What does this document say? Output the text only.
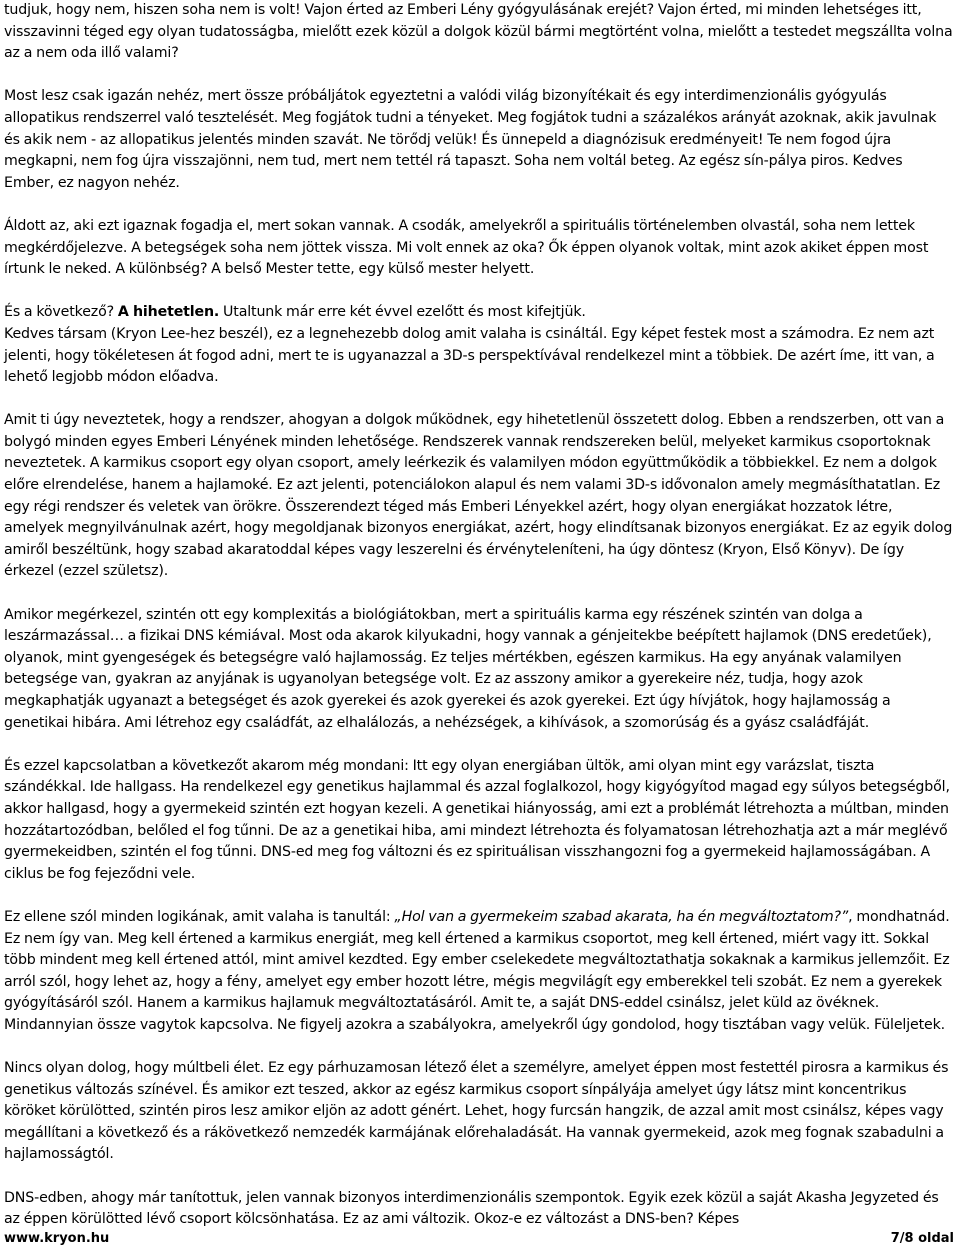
tudjuk, hogy nem, hiszen soha nem is volt! Vajon érted az Emberi Lény gyógyulásának erejét? Vajon érted, mi minden lehetséges itt, visszavinni téged egy olyan tudatosságba, mielőtt ezek közül a dolgok közül bármi megtörtént volna, mielőtt a testedet megszállta volna az a nem oda illő valami?

Most lesz csak igazán nehéz, mert össze próbáljátok egyeztetni a valódi világ bizonyítékait és egy interdimenzionális gyógyulás allopatikus rendszerrel való tesztelését. Meg fogjátok tudni a tényeket. Meg fogjátok tudni a százalékos arányát azoknak, akik javulnak és akik nem - az allopatikus jelentés minden szavát. Ne törődj velük! És ünnepeld a diagnózisuk eredményeit! Te nem fogod újra megkapni, nem fog újra visszajönni, nem tud, mert nem tettél rá tapaszt. Soha nem voltál beteg. Az egész sín-pálya piros. Kedves Ember, ez nagyon nehéz.

Áldott az, aki ezt igaznak fogadja el, mert sokan vannak. A csodák, amelyekről a spirituális történelemben olvastál, soha nem lettek megkérdőjelezve. A betegségek soha nem jöttek vissza. Mi volt ennek az oka? Ők éppen olyanok voltak, mint azok akiket éppen most írtunk le neked. A különbség? A belső Mester tette, egy külső mester helyett.

És a következő? A hihetetlen. Utaltunk már erre két évvel ezelőtt és most kifejtjük.

Kedves társam (Kryon Lee-hez beszél), ez a legnehezebb dolog amit valaha is csináltál. Egy képet festek most a számodra. Ez nem azt jelenti, hogy tökéletesen át fogod adni, mert te is ugyanazzal a 3D-s perspektívával rendelkezel mint a többiek. De azért íme, itt van, a lehető legjobb módon előadva.

Amit ti úgy neveztetek, hogy a rendszer, ahogyan a dolgok működnek, egy hihetetlenül összetett dolog. Ebben a rendszerben, ott van a bolygó minden egyes Emberi Lényének minden lehetősége. Rendszerek vannak rendszereken belül, melyeket karmikus csoportoknak neveztetek. A karmikus csoport egy olyan csoport, amely leérkezik és valamilyen módon együttműködik a többiekkel. Ez nem a dolgok előre elrendelése, hanem a hajlamoké. Ez azt jelenti, potenciálokon alapul és nem valami 3D-s idővonalon amely megmásíthatatlan. Ez egy régi rendszer és veletek van örökre. Összerendezt téged más Emberi Lényekkel azért, hogy olyan energiákat hozzatok létre, amelyek megnyilvánulnak azért, hogy megoldjanak bizonyos energiákat, azért, hogy elindítsanak bizonyos energiákat. Ez az egyik dolog amiről beszéltünk, hogy szabad akaratoddal képes vagy leszerelni és érvényteleníteni, ha úgy döntesz (Kryon, Első Könyv). De így érkezel (ezzel születsz).

Amikor megérkezel, szintén ott egy komplexitás a biológiátokban, mert a spirituális karma egy részének szintén van dolga a leszármazással… a fizikai DNS kémiával. Most oda akarok kilyukadni, hogy vannak a génjeitekbe beépített hajlamok (DNS eredetűek), olyanok, mint gyengeségek és betegségre való hajlamosság. Ez teljes mértékben, egészen karmikus. Ha egy anyának valamilyen betegsége van, gyakran az anyjának is ugyanolyan betegsége volt. Ez az asszony amikor a gyerekeire néz, tudja, hogy azok megkaphatják ugyanazt a betegséget és azok gyerekei és azok gyerekei és azok gyerekei. Ezt úgy hívjátok, hogy hajlamosság a genetikai hibára. Ami létrehoz egy családfát, az elhalálozás, a nehézségek, a kihívások, a szomorúság és a gyász családfáját.

És ezzel kapcsolatban a következőt akarom még mondani: Itt egy olyan energiában ültök, ami olyan mint egy varázslat, tiszta szándékkal. Ide hallgass. Ha rendelkezel egy genetikus hajlammal és azzal foglalkozol, hogy kigyógyítod magad egy súlyos betegségből, akkor hallgasd, hogy a gyermekeid szintén ezt hogyan kezeli. A genetikai hiányosság, ami ezt a problémát létrehozta a múltban, minden hozzátartozódban, belőled el fog tűnni. De az a genetikai hiba, ami mindezt létrehozta és folyamatosan létrehozhatja azt a már meglévő gyermekeidben, szintén el fog tűnni. DNS-ed meg fog változni és ez spirituálisan visszhangozni fog a gyermekeid hajlamosságában. A ciklus be fog fejeződni vele.

Ez ellene szól minden logikának, amit valaha is tanultál: „Hol van a gyermekeim szabad akarata, ha én megváltoztatom?”, mondhatnád. Ez nem így van. Meg kell értened a karmikus energiát, meg kell értened a karmikus csoportot, meg kell értened, miért vagy itt. Sokkal több mindent meg kell értened attól, mint amivel kezdted. Egy ember cselekedete megváltoztathatja sokaknak a karmikus jellemzőit. Ez arról szól, hogy lehet az, hogy a fény, amelyet egy ember hozott létre, mégis megvilágít egy emberekkel teli szobát. Ez nem a gyerekek gyógyításáról szól. Hanem a karmikus hajlamuk megváltoztatásáról. Amit te, a saját DNS-eddel csinálsz, jelet küld az övéknek. Mindannyian össze vagytok kapcsolva. Ne figyelj azokra a szabályokra, amelyekről úgy gondolod, hogy tisztában vagy velük. Füleljetek.

Nincs olyan dolog, hogy múltbeli élet. Ez egy párhuzamosan létező élet a személyre, amelyet éppen most festettél pirosra a karmikus és genetikus változás színével. És amikor ezt teszed, akkor az egész karmikus csoport sínpályája amelyet úgy látsz mint koncentrikus köröket körülötted, szintén piros lesz amikor eljön az adott génért. Lehet, hogy furcsán hangzik, de azzal amit most csinálsz, képes vagy megállítani a következő és a rákövetkező nemzedék karmájának előrehaladását. Ha vannak gyermekeid, azok meg fognak szabadulni a hajlamosságtól.

DNS-edben, ahogy már tanítottuk, jelen vannak bizonyos interdimenzionális szempontok. Egyik ezek közül a saját Akasha Jegyzeted és az éppen körülötted lévő csoport kölcsönhatása. Ez az ami változik. Okoz-e ez változást a DNS-ben? Képes

www.kryon.hu	7/8 oldal
